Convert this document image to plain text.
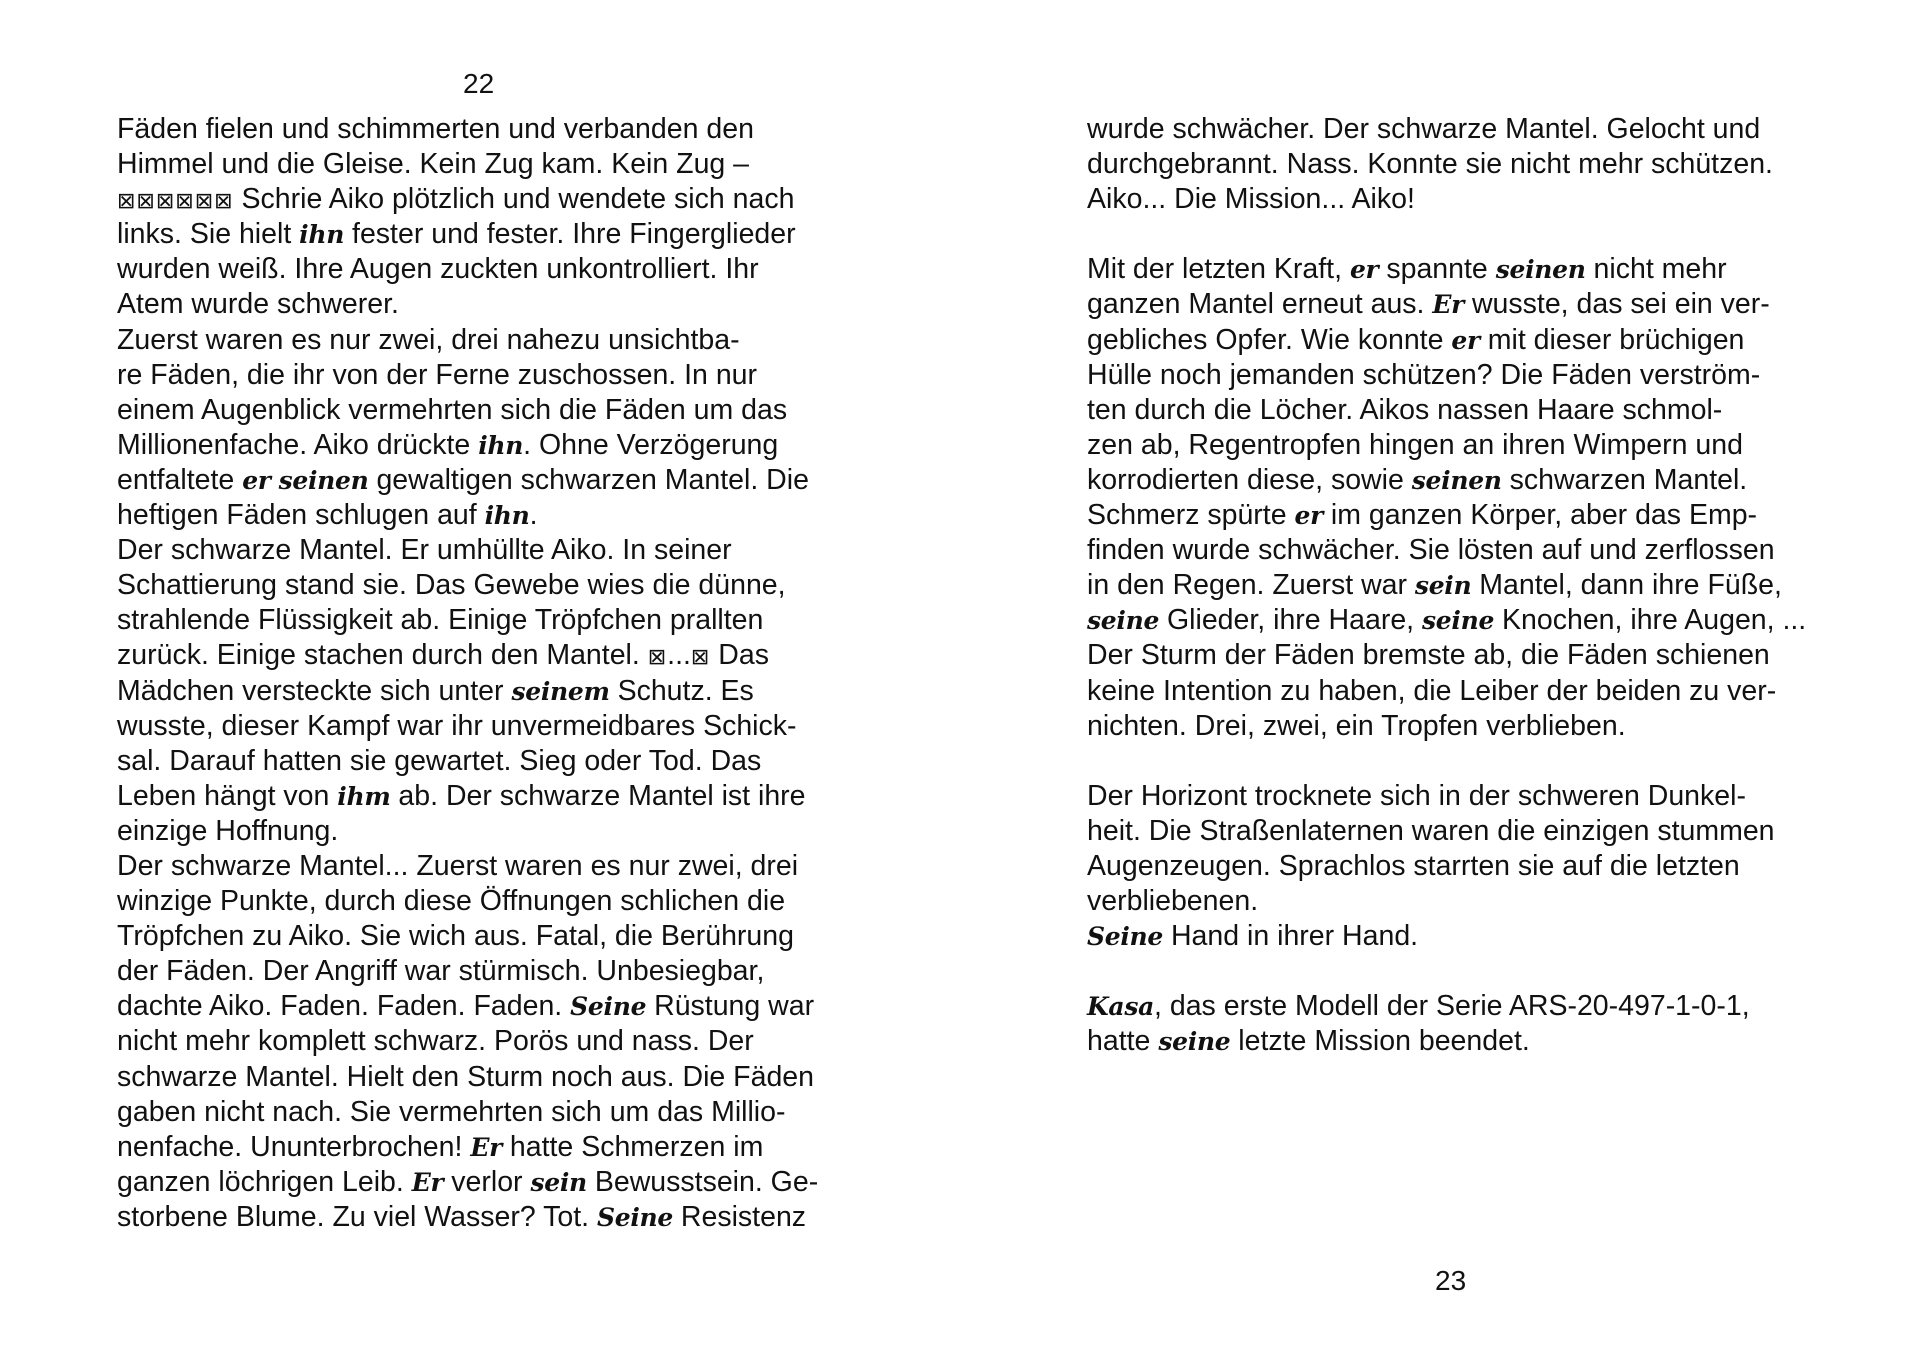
22
Fäden fielen und schimmerten und verbanden den
Himmel und die Gleise. Kein Zug kam. Kein Zug –
⊠⊠⊠⊠⊠⊠ Schrie Aiko plötzlich und wendete sich nach
links. Sie hielt ihn fester und fester. Ihre Fingerglieder
wurden weiß. Ihre Augen zuckten unkontrolliert. Ihr
Atem wurde schwerer.
Zuerst waren es nur zwei, drei nahezu unsichtba-
re Fäden, die ihr von der Ferne zuschossen. In nur
einem Augenblick vermehrten sich die Fäden um das
Millionenfache. Aiko drückte ihn. Ohne Verzögerung
entfaltete er seinen gewaltigen schwarzen Mantel. Die
heftigen Fäden schlugen auf ihn.
Der schwarze Mantel. Er umhüllte Aiko. In seiner
Schattierung stand sie. Das Gewebe wies die dünne,
strahlende Flüssigkeit ab. Einige Tröpfchen prallten
zurück. Einige stachen durch den Mantel. ⊠...⊠ Das
Mädchen versteckte sich unter seinem Schutz. Es
wusste, dieser Kampf war ihr unvermeidbares Schick-
sal. Darauf hatten sie gewartet. Sieg oder Tod. Das
Leben hängt von ihm ab. Der schwarze Mantel ist ihre
einzige Hoffnung.
Der schwarze Mantel... Zuerst waren es nur zwei, drei
winzige Punkte, durch diese Öffnungen schlichen die
Tröpfchen zu Aiko. Sie wich aus. Fatal, die Berührung
der Fäden. Der Angriff war stürmisch. Unbesiegbar,
dachte Aiko. Faden. Faden. Faden. Seine Rüstung war
nicht mehr komplett schwarz. Porös und nass. Der
schwarze Mantel. Hielt den Sturm noch aus. Die Fäden
gaben nicht nach. Sie vermehrten sich um das Millio-
nenfache. Ununterbrochen! Er hatte Schmerzen im
ganzen löchrigen Leib. Er verlor sein Bewusstsein. Ge-
storbene Blume. Zu viel Wasser? Tot. Seine Resistenz
wurde schwächer. Der schwarze Mantel. Gelocht und
durchgebrannt. Nass. Konnte sie nicht mehr schützen.
Aiko... Die Mission... Aiko!
Mit der letzten Kraft, er spannte seinen nicht mehr
ganzen Mantel erneut aus. Er wusste, das sei ein ver-
gebliches Opfer. Wie konnte er mit dieser brüchigen
Hülle noch jemanden schützen? Die Fäden verström-
ten durch die Löcher. Aikos nassen Haare schmol-
zen ab, Regentropfen hingen an ihren Wimpern und
korrodierten diese, sowie seinen schwarzen Mantel.
Schmerz spürte er im ganzen Körper, aber das Emp-
finden wurde schwächer. Sie lösten auf und zerflossen
in den Regen. Zuerst war sein Mantel, dann ihre Füße,
seine Glieder, ihre Haare, seine Knochen, ihre Augen, ...
Der Sturm der Fäden bremste ab, die Fäden schienen
keine Intention zu haben, die Leiber der beiden zu ver-
nichten. Drei, zwei, ein Tropfen verblieben.
Der Horizont trocknete sich in der schweren Dunkel-
heit. Die Straßenlaternen waren die einzigen stummen
Augenzeugen. Sprachlos starrten sie auf die letzten
verbliebenen.
Seine Hand in ihrer Hand.
Kasa, das erste Modell der Serie ARS-20-497-1-0-1,
hatte seine letzte Mission beendet.
23
